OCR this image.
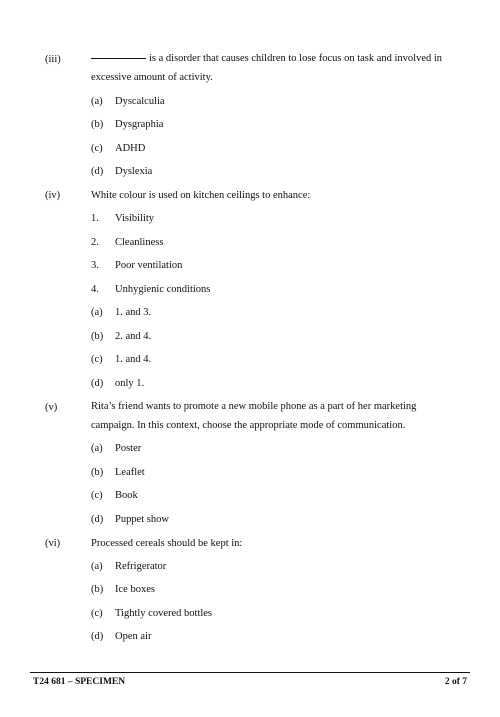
(iii)	is a disorder that causes children to lose focus on task and involved in excessive amount of activity.
(a) Dyscalculia
(b) Dysgraphia
(c) ADHD
(d) Dyslexia
(iv)	White colour is used on kitchen ceilings to enhance:
1. Visibility
2. Cleanliness
3. Poor ventilation
4. Unhygienic conditions
(a) 1. and 3.
(b) 2. and 4.
(c) 1. and 4.
(d) only 1.
(v)	Rita’s friend wants to promote a new mobile phone as a part of her marketing campaign. In this context, choose the appropriate mode of communication.
(a) Poster
(b) Leaflet
(c) Book
(d) Puppet show
(vi)	Processed cereals should be kept in:
(a) Refrigerator
(b) Ice boxes
(c) Tightly covered bottles
(d) Open air
T24 681 – SPECIMEN	2 of 7
